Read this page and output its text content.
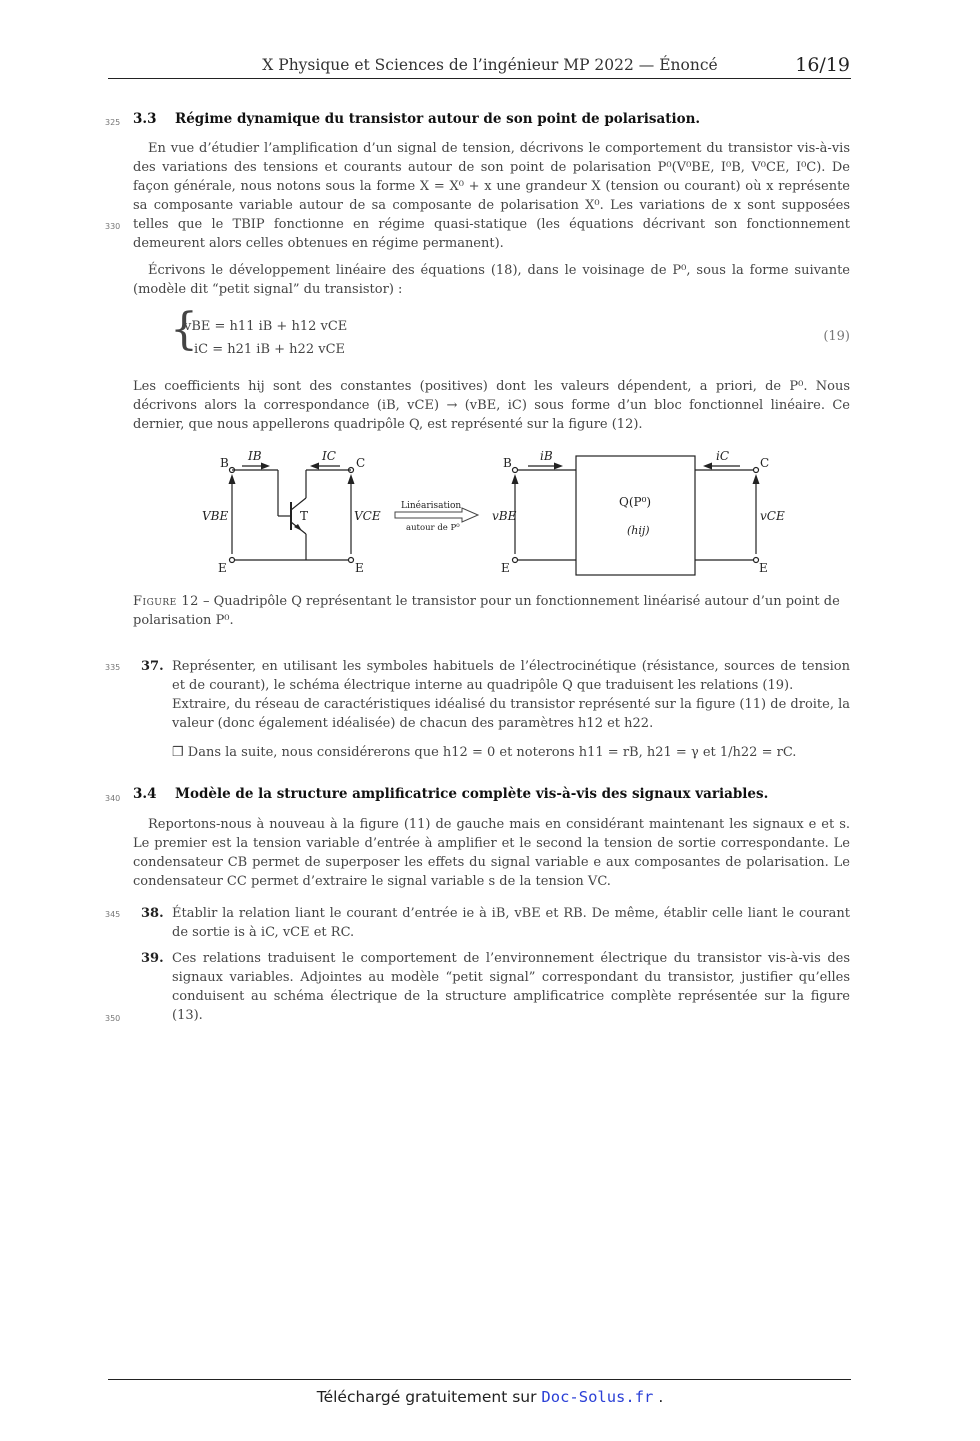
X Physique et Sciences de l’ingénieur MP 2022 — Énoncé	16/19
325
330
335
340
345
350
3.3 Régime dynamique du transistor autour de son point de polarisation.
En vue d’étudier l’amplification d’un signal de tension, décrivons le comportement du transistor vis-à-vis des variations des tensions et courants autour de son point de polarisation P⁰(V⁰BE, I⁰B, V⁰CE, I⁰C). De façon générale, nous notons sous la forme X = X⁰ + x une grandeur X (tension ou courant) où x représente sa composante variable autour de sa composante de polarisation X⁰. Les variations de x sont supposées telles que le TBIP fonctionne en régime quasi-statique (les équations décrivant son fonctionnement demeurent alors celles obtenues en régime permanent).
Écrivons le développement linéaire des équations (18), dans le voisinage de P⁰, sous la forme suivante (modèle dit “petit signal” du transistor) :
{
vBE = h11 iB + h12 vCE
iC = h21 iB + h22 vCE
(19)
Les coefficients hij sont des constantes (positives) dont les valeurs dépendent, a priori, de P⁰. Nous décrivons alors la correspondance (iB, vCE) → (vBE, iC) sous forme d’un bloc fonctionnel linéaire. Ce dernier, que nous appellerons quadripôle Q, est représenté sur la figure (12).
B	C
E	E
IB	IC
VBE	VCE
T
Linéarisation
autour de P⁰
B	C
E	E
iB	iC
vBE	vCE
Q(P⁰)
(hij)
Figure 12 – Quadripôle Q représentant le transistor pour un fonctionnement linéarisé autour d’un point de polarisation P⁰.
37. Représenter, en utilisant les symboles habituels de l’électrocinétique (résistance, sources de tension et de courant), le schéma électrique interne au quadripôle Q que traduisent les relations (19).
Extraire, du réseau de caractéristiques idéalisé du transistor représenté sur la figure (11) de droite, la valeur (donc également idéalisée) de chacun des paramètres h12 et h22.
❒ Dans la suite, nous considérerons que h12 = 0 et noterons h11 = rB, h21 = γ et 1/h22 = rC.
3.4 Modèle de la structure amplificatrice complète vis-à-vis des signaux variables.
Reportons-nous à nouveau à la figure (11) de gauche mais en considérant maintenant les signaux e et s. Le premier est la tension variable d’entrée à amplifier et le second la tension de sortie correspondante. Le condensateur CB permet de superposer les effets du signal variable e aux composantes de polarisation. Le condensateur CC permet d’extraire le signal variable s de la tension VC.
38. Établir la relation liant le courant d’entrée ie à iB, vBE et RB. De même, établir celle liant le courant de sortie is à iC, vCE et RC.
39. Ces relations traduisent le comportement de l’environnement électrique du transistor vis-à-vis des signaux variables. Adjointes au modèle “petit signal” correspondant du transistor, justifier qu’elles conduisent au schéma électrique de la structure amplificatrice complète représentée sur la figure (13).
Téléchargé gratuitement sur Doc-Solus.fr .
